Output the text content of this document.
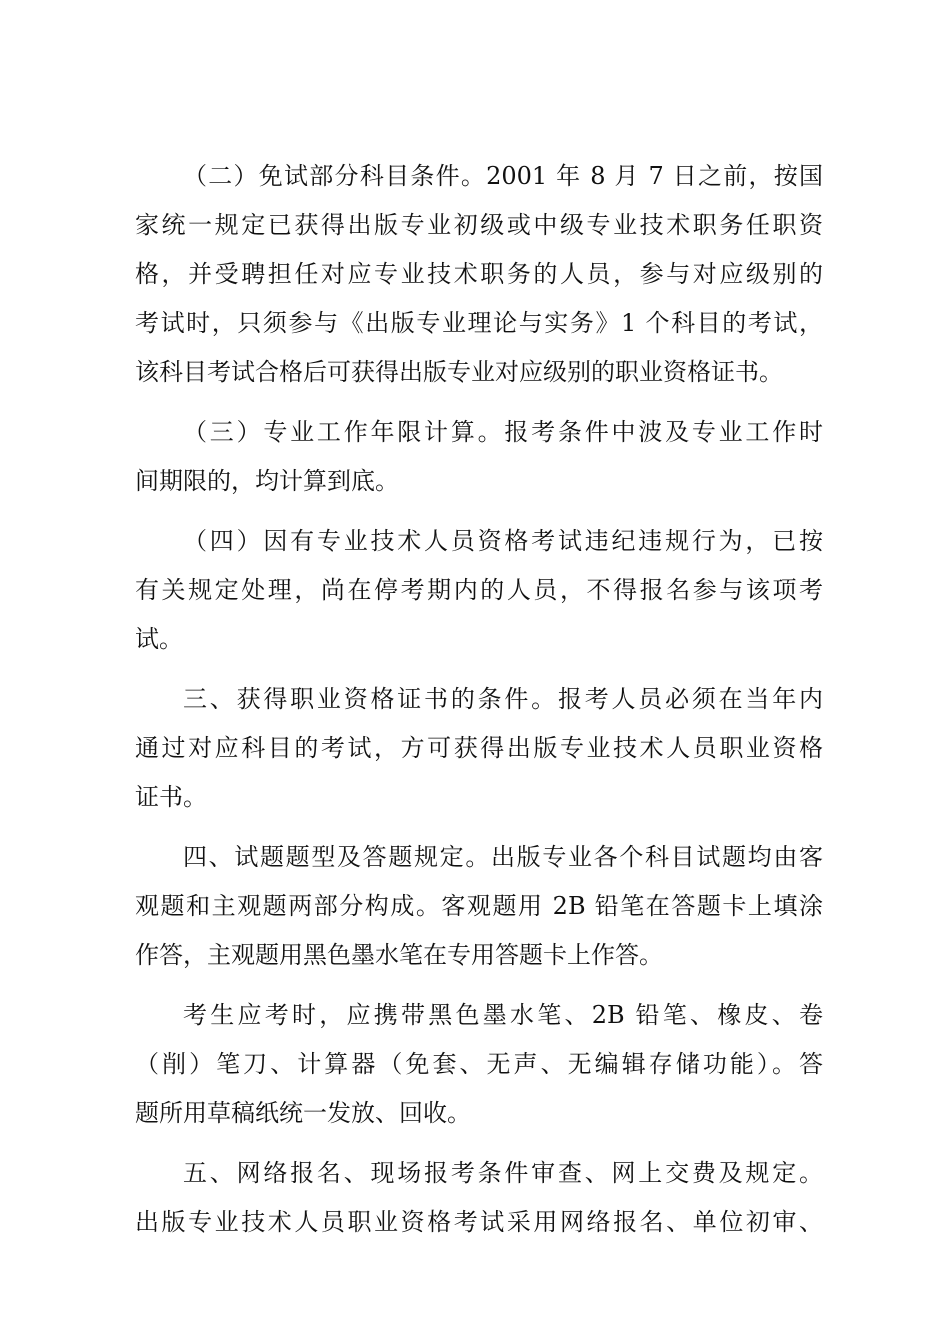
（二）免试部分科目条件。2001 年 8 月 7 日之前，按国
家统一规定已获得出版专业初级或中级专业技术职务任职资
格，并受聘担任对应专业技术职务的人员，参与对应级别的
考试时，只须参与《出版专业理论与实务》1 个科目的考试，
该科目考试合格后可获得出版专业对应级别的职业资格证书。
（三）专业工作年限计算。报考条件中波及专业工作时
间期限的，均计算到底。
（四）因有专业技术人员资格考试违纪违规行为，已按
有关规定处理，尚在停考期内的人员，不得报名参与该项考
试。
三、获得职业资格证书的条件。报考人员必须在当年内
通过对应科目的考试，方可获得出版专业技术人员职业资格
证书。
四、试题题型及答题规定。出版专业各个科目试题均由客
观题和主观题两部分构成。客观题用 2B 铅笔在答题卡上填涂
作答，主观题用黑色墨水笔在专用答题卡上作答。
考生应考时，应携带黑色墨水笔、2B 铅笔、橡皮、卷
（削）笔刀、计算器（免套、无声、无编辑存储功能）。答
题所用草稿纸统一发放、回收。
五、网络报名、现场报考条件审查、网上交费及规定。
出版专业技术人员职业资格考试采用网络报名、单位初审、
